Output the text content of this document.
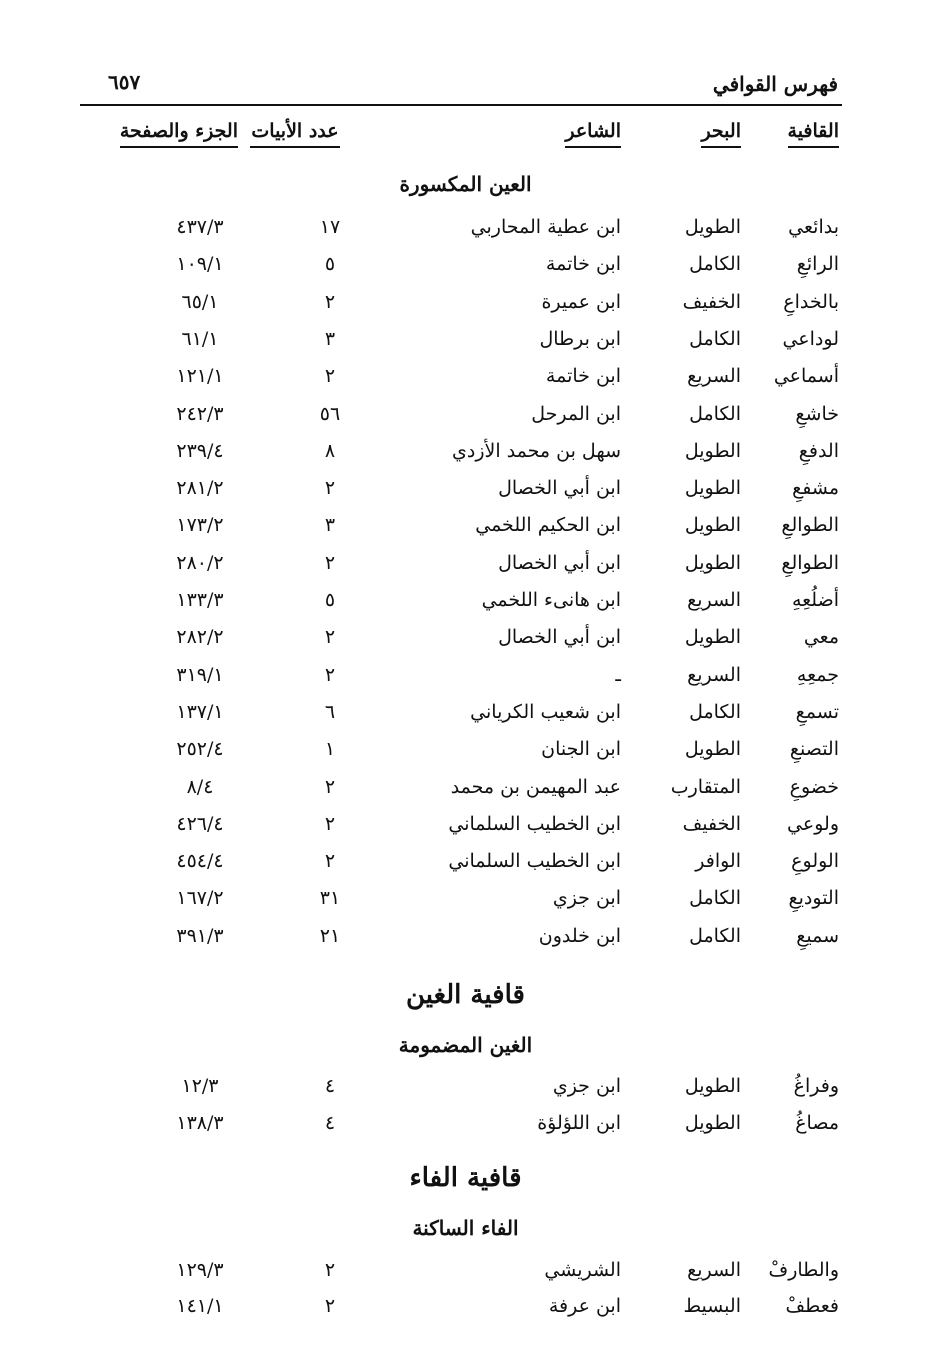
فهرس القوافي
٦٥٧
القافية
البحر
الشاعر
عدد الأبيات
الجزء والصفحة
العين المكسورة
بدائعي
الطويل
ابن عطية المحاربي
١٧
٤٣٧/٣
الرائعِ
الكامل
ابن خاتمة
٥
١٠٩/١
بالخداعِ
الخفيف
ابن عميرة
٢
٦٥/١
لوداعي
الكامل
ابن برطال
٣
٦١/١
أسماعي
السريع
ابن خاتمة
٢
١٢١/١
خاشعِ
الكامل
ابن المرحل
٥٦
٢٤٢/٣
الدفعِ
الطويل
سهل بن محمد الأزدي
٨
٢٣٩/٤
مشفعِ
الطويل
ابن أبي الخصال
٢
٢٨١/٢
الطوالعِ
الطويل
ابن الحكيم اللخمي
٣
١٧٣/٢
الطوالعِ
الطويل
ابن أبي الخصال
٢
٢٨٠/٢
أضلُعِهِ
السريع
ابن هانىء اللخمي
٥
١٣٣/٣
معي
الطويل
ابن أبي الخصال
٢
٢٨٢/٢
جمعِهِ
السريع
ـ
٢
٣١٩/١
تسمعِ
الكامل
ابن شعيب الكرياني
٦
١٣٧/١
التصنعِ
الطويل
ابن الجنان
١
٢٥٢/٤
خضوعِ
المتقارب
عبد المهيمن بن محمد
٢
٨/٤
ولوعي
الخفيف
ابن الخطيب السلماني
٢
٤٢٦/٤
الولوعِ
الوافر
ابن الخطيب السلماني
٢
٤٥٤/٤
التوديعِ
الكامل
ابن جزي
٣١
١٦٧/٢
سميعِ
الكامل
ابن خلدون
٢١
٣٩١/٣
قافية الغين
الغين المضمومة
وفراغُ
الطويل
ابن جزي
٤
١٢/٣
مصاغُ
الطويل
ابن اللؤلؤة
٤
١٣٨/٣
قافية الفاء
الفاء الساكنة
والطارفْ
السريع
الشريشي
٢
١٢٩/٣
فعطفْ
البسيط
ابن عرفة
٢
١٤١/١
